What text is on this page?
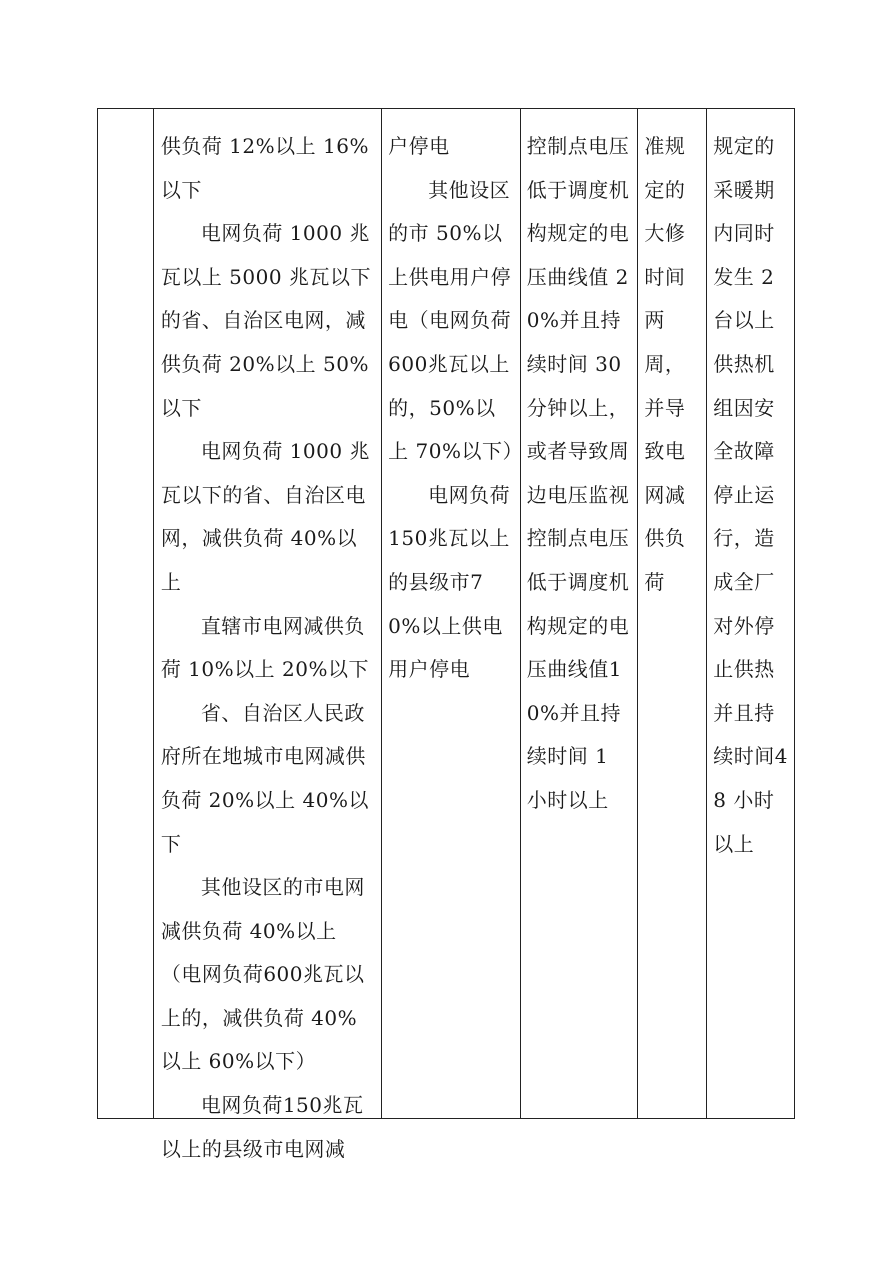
供负荷 12%以上 16%以下
电网负荷 1000 兆瓦以上 5000 兆瓦以下的省、自治区电网，减供负荷 20%以上 50%以下
电网负荷 1000 兆瓦以下的省、自治区电网，减供负荷 40%以上
直辖市电网减供负荷 10%以上 20%以下
省、自治区人民政府所在地城市电网减供负荷 20%以上 40%以下
其他设区的市电网减供负荷 40%以上（电网负荷600兆瓦以上的，减供负荷 40%以上 60%以下）
电网负荷150兆瓦以上的县级市电网减

户停电
其他设区的市 50%以上供电用户停电（电网负荷600兆瓦以上的，50%以上 70%以下）
电网负荷150兆瓦以上的县级市70%以上供电用户停电

控制点电压低于调度机构规定的电压曲线值 20%并且持续时间 30 分钟以上，或者导致周边电压监视控制点电压低于调度机构规定的电压曲线值10%并且持续时间 1 小时以上

准规定的大修时间两周，并导致电网减供负荷

规定的采暖期内同时发生 2 台以上供热机组因安全故障停止运行，造成全厂对外停止供热并且持续时间48 小时以上
